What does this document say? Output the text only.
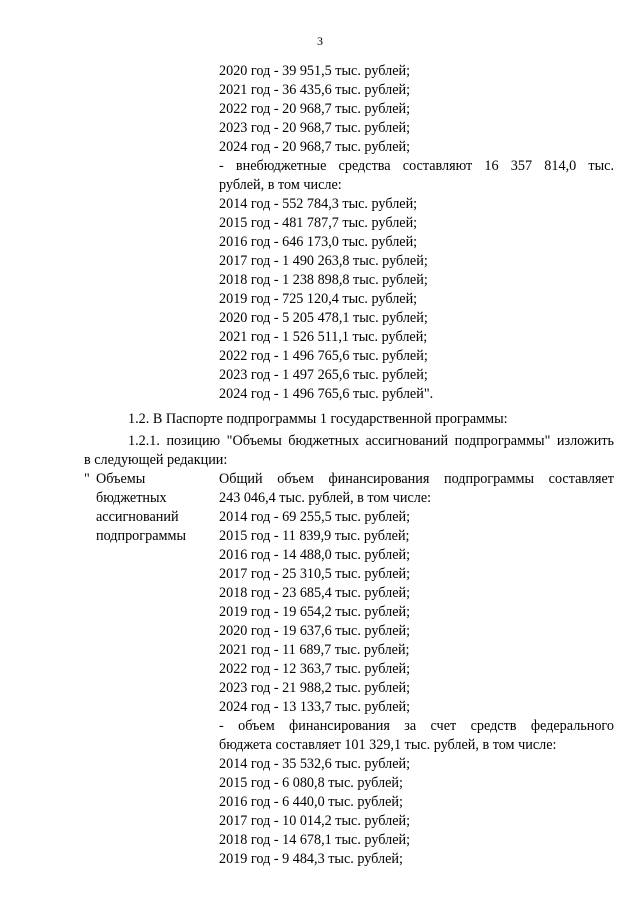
3
2020 год - 39 951,5 тыс. рублей;
2021 год - 36 435,6 тыс. рублей;
2022 год - 20 968,7 тыс. рублей;
2023 год - 20 968,7 тыс. рублей;
2024 год - 20 968,7 тыс. рублей;
- внебюджетные средства составляют 16 357 814,0 тыс.
рублей, в том числе:
2014 год - 552 784,3 тыс. рублей;
2015 год - 481 787,7 тыс. рублей;
2016 год - 646 173,0 тыс. рублей;
2017 год - 1 490 263,8 тыс. рублей;
2018 год - 1 238 898,8 тыс. рублей;
2019 год - 725 120,4 тыс. рублей;
2020 год - 5 205 478,1 тыс. рублей;
2021 год - 1 526 511,1 тыс. рублей;
2022 год - 1 496 765,6 тыс. рублей;
2023 год - 1 497 265,6 тыс. рублей;
2024 год - 1 496 765,6 тыс. рублей".
1.2. В Паспорте подпрограммы 1 государственной программы:
1.2.1. позицию "Объемы бюджетных ассигнований подпрограммы" изложить
в следующей редакции:
" Объемы
бюджетных
ассигнований
подпрограммы
Общий объем финансирования подпрограммы составляет
243 046,4 тыс. рублей, в том числе:
2014 год - 69 255,5 тыс. рублей;
2015 год - 11 839,9 тыс. рублей;
2016 год - 14 488,0 тыс. рублей;
2017 год - 25 310,5 тыс. рублей;
2018 год - 23 685,4 тыс. рублей;
2019 год - 19 654,2 тыс. рублей;
2020 год - 19 637,6 тыс. рублей;
2021 год - 11 689,7 тыс. рублей;
2022 год - 12 363,7 тыс. рублей;
2023 год - 21 988,2 тыс. рублей;
2024 год - 13 133,7 тыс. рублей;
- объем финансирования за счет средств федерального
бюджета составляет 101 329,1 тыс. рублей, в том числе:
2014 год - 35 532,6 тыс. рублей;
2015 год - 6 080,8 тыс. рублей;
2016 год - 6 440,0 тыс. рублей;
2017 год - 10 014,2 тыс. рублей;
2018 год - 14 678,1 тыс. рублей;
2019 год - 9 484,3 тыс. рублей;
